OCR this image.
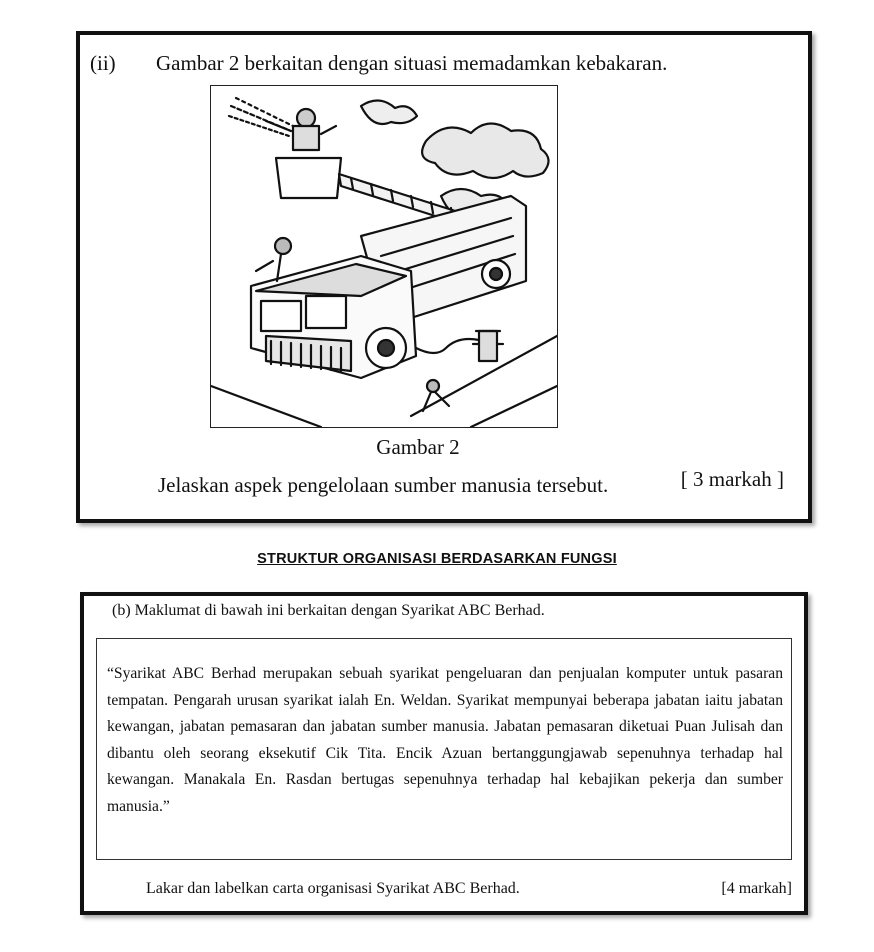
(ii) Gambar 2 berkaitan dengan situasi memadamkan kebakaran.
Gambar 2
Jelaskan aspek pengelolaan sumber manusia tersebut.	[ 3 markah ]
STRUKTUR ORGANISASI BERDASARKAN FUNGSI
(b) Maklumat di bawah ini berkaitan dengan Syarikat ABC Berhad.
“Syarikat ABC Berhad merupakan sebuah syarikat pengeluaran dan penjualan komputer untuk pasaran tempatan. Pengarah urusan syarikat ialah En. Weldan. Syarikat mempunyai beberapa jabatan iaitu jabatan kewangan, jabatan pemasaran dan jabatan sumber manusia. Jabatan pemasaran diketuai Puan Julisah dan dibantu oleh seorang eksekutif Cik Tita. Encik Azuan bertanggungjawab sepenuhnya terhadap hal kewangan. Manakala En. Rasdan bertugas sepenuhnya terhadap hal kebajikan pekerja dan sumber manusia.”
Lakar dan labelkan carta organisasi Syarikat ABC Berhad.	[4 markah]
